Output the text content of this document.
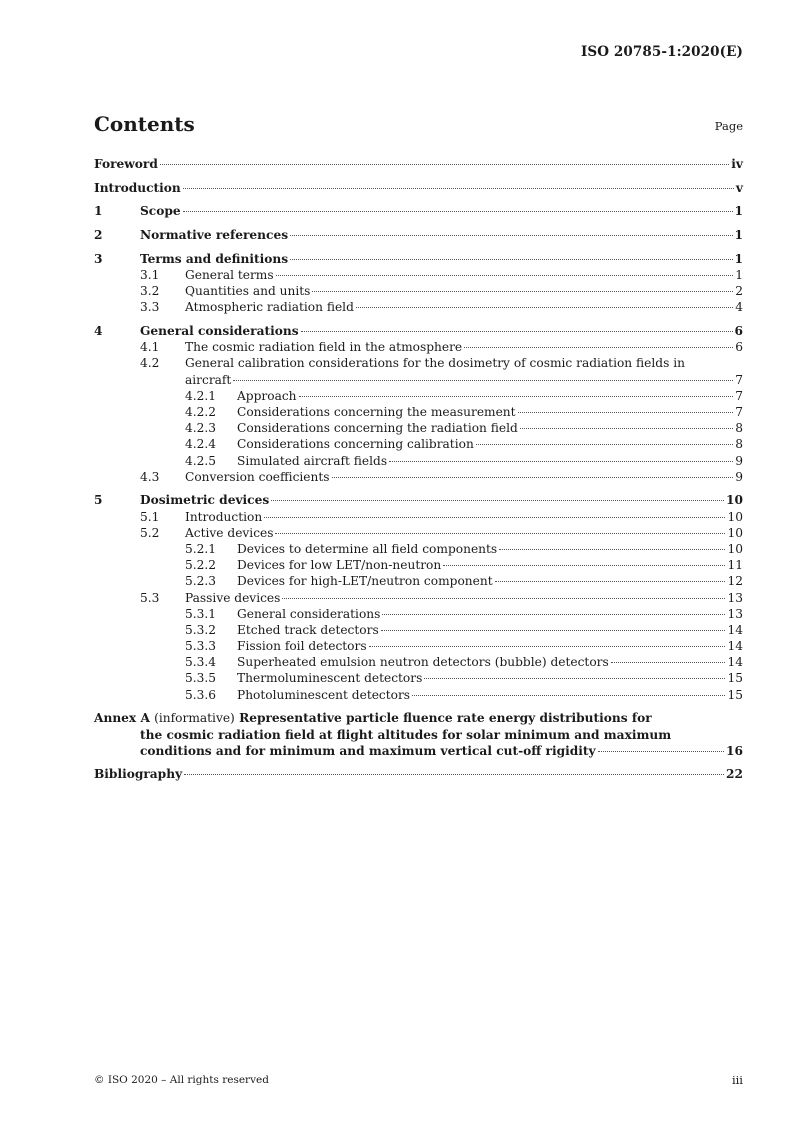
ISO 20785-1:2020(E)
Contents	Page
Foreword	iv
Introduction	v
1	Scope	1
2	Normative references	1
3	Terms and definitions	1
3.1	General terms	1
3.2	Quantities and units	2
3.3	Atmospheric radiation field	4
4	General considerations	6
4.1	The cosmic radiation field in the atmosphere	6
4.2 General calibration considerations for the dosimetry of cosmic radiation fields in
aircraft	7
4.2.1	Approach	7
4.2.2	Considerations concerning the measurement	7
4.2.3	Considerations concerning the radiation field	8
4.2.4	Considerations concerning calibration	8
4.2.5	Simulated aircraft fields	9
4.3	Conversion coefficients	9
5	Dosimetric devices	10
5.1	Introduction	10
5.2	Active devices	10
5.2.1	Devices to determine all field components	10
5.2.2	Devices for low LET/non-neutron	11
5.2.3	Devices for high-LET/neutron component	12
5.3	Passive devices	13
5.3.1	General considerations	13
5.3.2	Etched track detectors	14
5.3.3	Fission foil detectors	14
5.3.4	Superheated emulsion neutron detectors (bubble) detectors	14
5.3.5	Thermoluminescent detectors	15
5.3.6	Photoluminescent detectors	15
Annex A (informative) Representative particle fluence rate energy distributions for
the cosmic radiation field at flight altitudes for solar minimum and maximum
conditions and for minimum and maximum vertical cut-off rigidity	16
Bibliography	22
© ISO 2020 – All rights reserved	iii
